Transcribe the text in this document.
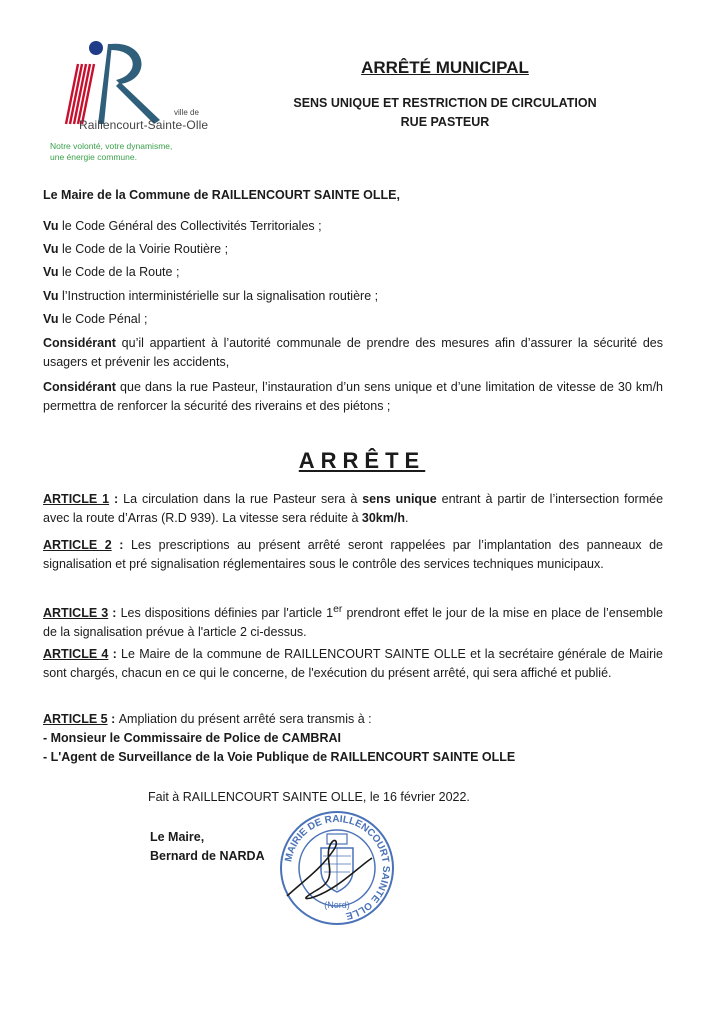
ville de
Raillencourt-Sainte-Olle
Notre volonté, votre dynamisme,
une énergie commune.
ARRÊTÉ MUNICIPAL
SENS UNIQUE ET RESTRICTION DE CIRCULATION
RUE PASTEUR
Le Maire de la Commune de RAILLENCOURT SAINTE OLLE,
Vu le Code Général des Collectivités Territoriales ;
Vu le Code de la Voirie Routière ;
Vu le Code de la Route ;
Vu l’Instruction interministérielle sur la signalisation routière ;
Vu le Code Pénal ;
Considérant qu’il appartient à l’autorité communale de prendre des mesures afin d’assurer la sécurité des usagers et prévenir les accidents,
Considérant que dans la rue Pasteur, l’instauration d’un sens unique et d’une limitation de vitesse de 30 km/h permettra de renforcer la sécurité des riverains et des piétons ;
ARRÊTE
ARTICLE 1 : La circulation dans la rue Pasteur sera à sens unique entrant à partir de l’intersection formée avec la route d’Arras (R.D 939). La vitesse sera réduite à 30km/h.
ARTICLE 2 : Les prescriptions au présent arrêté seront rappelées par l’implantation des panneaux de signalisation et pré signalisation réglementaires sous le contrôle des services techniques municipaux.
ARTICLE 3 : Les dispositions définies par l'article 1er prendront effet le jour de la mise en place de l’ensemble de la signalisation prévue à l'article 2 ci-dessus.
ARTICLE 4 : Le Maire de la commune de RAILLENCOURT SAINTE OLLE et la secrétaire générale de Mairie sont chargés, chacun en ce qui le concerne, de l'exécution du présent arrêté, qui sera affiché et publié.
ARTICLE 5 : Ampliation du présent arrêté sera transmis à :
- Monsieur le Commissaire de Police de CAMBRAI
- L'Agent de Surveillance de la Voie Publique de RAILLENCOURT SAINTE OLLE
Fait à RAILLENCOURT SAINTE OLLE, le 16 février 2022.
Le Maire,
Bernard de NARDA MAIRIE DE RAILLENCOURT SAINTE OLLE
(Nord)
